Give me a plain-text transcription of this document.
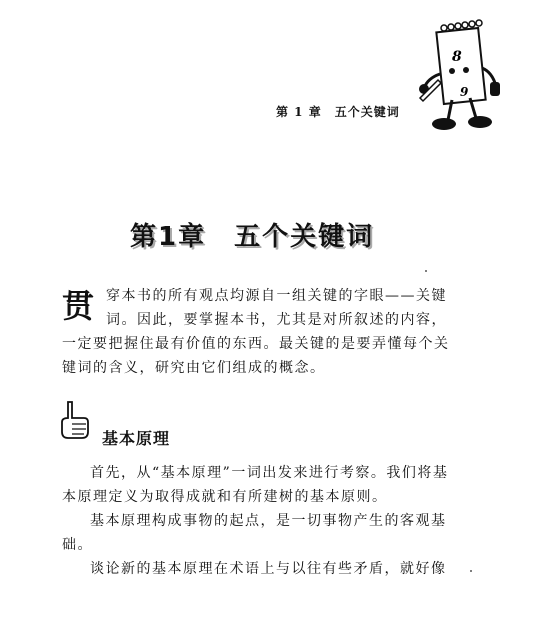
第 1 章　五个关键词
8
9
第1章　五个关键词
贯 穿本书的所有观点均源自一组关键的字眼——关键词。因此，要掌握本书，尤其是对所叙述的内容，一定要把握住最有价值的东西。最关键的是要弄懂每个关键词的含义，研究由它们组成的概念。
基本原理

首先，从“基本原理”一词出发来进行考察。我们将基本原理定义为取得成就和有所建树的基本原则。

基本原理构成事物的起点，是一切事物产生的客观基础。

谈论新的基本原理在术语上与以往有些矛盾，就好像
